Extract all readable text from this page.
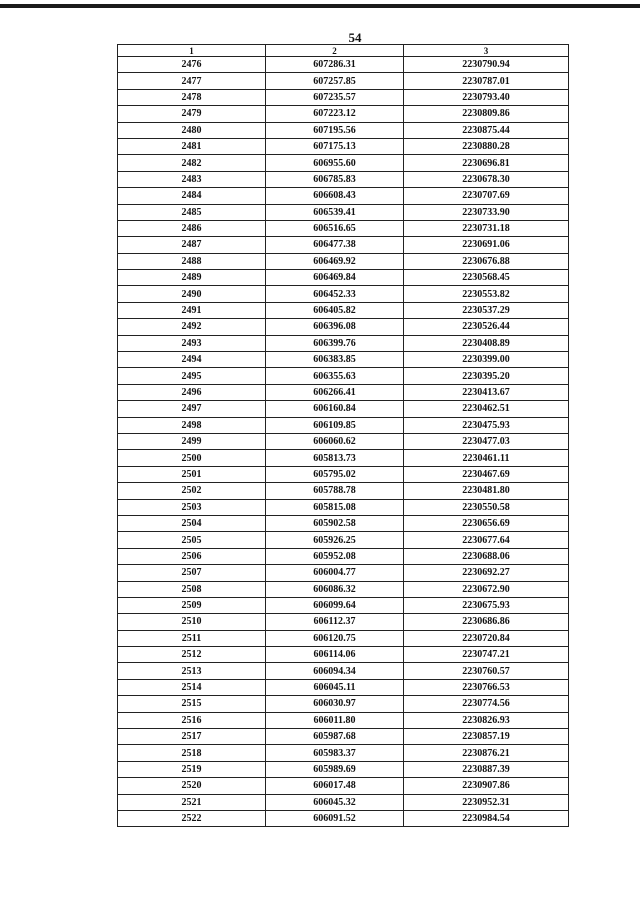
54
1	2	3
2476	607286.31	2230790.94
2477	607257.85	2230787.01
2478	607235.57	2230793.40
2479	607223.12	2230809.86
2480	607195.56	2230875.44
2481	607175.13	2230880.28
2482	606955.60	2230696.81
2483	606785.83	2230678.30
2484	606608.43	2230707.69
2485	606539.41	2230733.90
2486	606516.65	2230731.18
2487	606477.38	2230691.06
2488	606469.92	2230676.88
2489	606469.84	2230568.45
2490	606452.33	2230553.82
2491	606405.82	2230537.29
2492	606396.08	2230526.44
2493	606399.76	2230408.89
2494	606383.85	2230399.00
2495	606355.63	2230395.20
2496	606266.41	2230413.67
2497	606160.84	2230462.51
2498	606109.85	2230475.93
2499	606060.62	2230477.03
2500	605813.73	2230461.11
2501	605795.02	2230467.69
2502	605788.78	2230481.80
2503	605815.08	2230550.58
2504	605902.58	2230656.69
2505	605926.25	2230677.64
2506	605952.08	2230688.06
2507	606004.77	2230692.27
2508	606086.32	2230672.90
2509	606099.64	2230675.93
2510	606112.37	2230686.86
2511	606120.75	2230720.84
2512	606114.06	2230747.21
2513	606094.34	2230760.57
2514	606045.11	2230766.53
2515	606030.97	2230774.56
2516	606011.80	2230826.93
2517	605987.68	2230857.19
2518	605983.37	2230876.21
2519	605989.69	2230887.39
2520	606017.48	2230907.86
2521	606045.32	2230952.31
2522	606091.52	2230984.54
